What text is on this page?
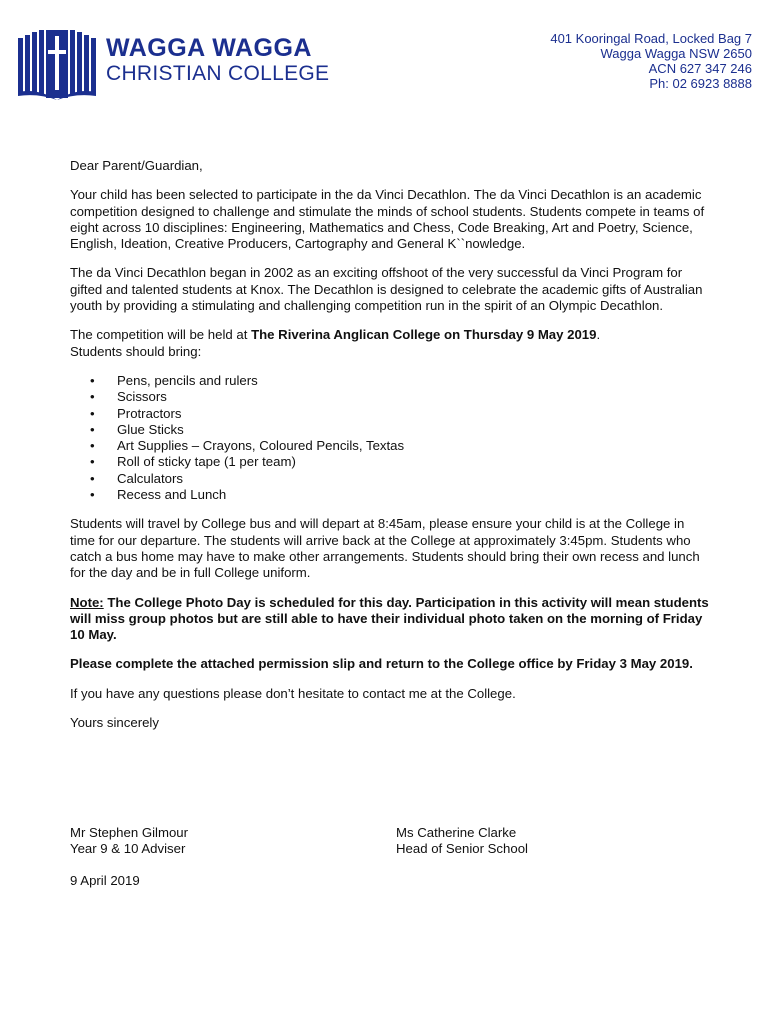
WAGGA WAGGA
CHRISTIAN COLLEGE
401 Kooringal Road, Locked Bag 7
Wagga Wagga NSW 2650
ACN 627 347 246
Ph: 02 6923 8888

Dear Parent/Guardian,

Your child has been selected to participate in the da Vinci Decathlon. The da Vinci Decathlon is an academic competition designed to challenge and stimulate the minds of school students. Students compete in teams of eight across 10 disciplines: Engineering, Mathematics and Chess, Code Breaking, Art and Poetry, Science, English, Ideation, Creative Producers, Cartography and General K``nowledge.

The da Vinci Decathlon began in 2002 as an exciting offshoot of the very successful da Vinci Program for gifted and talented students at Knox. The Decathlon is designed to celebrate the academic gifts of Australian youth by providing a stimulating and challenging competition run in the spirit of an Olympic Decathlon.

The competition will be held at The Riverina Anglican College on Thursday 9 May 2019.
Students should bring:

• Pens, pencils and rulers
• Scissors
• Protractors
• Glue Sticks
• Art Supplies – Crayons, Coloured Pencils, Textas
• Roll of sticky tape (1 per team)
• Calculators
• Recess and Lunch

Students will travel by College bus and will depart at 8:45am, please ensure your child is at the College in time for our departure. The students will arrive back at the College at approximately 3:45pm. Students who catch a bus home may have to make other arrangements. Students should bring their own recess and lunch for the day and be in full College uniform.

Note: The College Photo Day is scheduled for this day. Participation in this activity will mean students will miss group photos but are still able to have their individual photo taken on the morning of Friday 10 May.

Please complete the attached permission slip and return to the College office by Friday 3 May 2019.

If you have any questions please don’t hesitate to contact me at the College.

Yours sincerely

Mr Stephen Gilmour
Year 9 & 10 Adviser
Ms Catherine Clarke
Head of Senior School
9 April 2019
